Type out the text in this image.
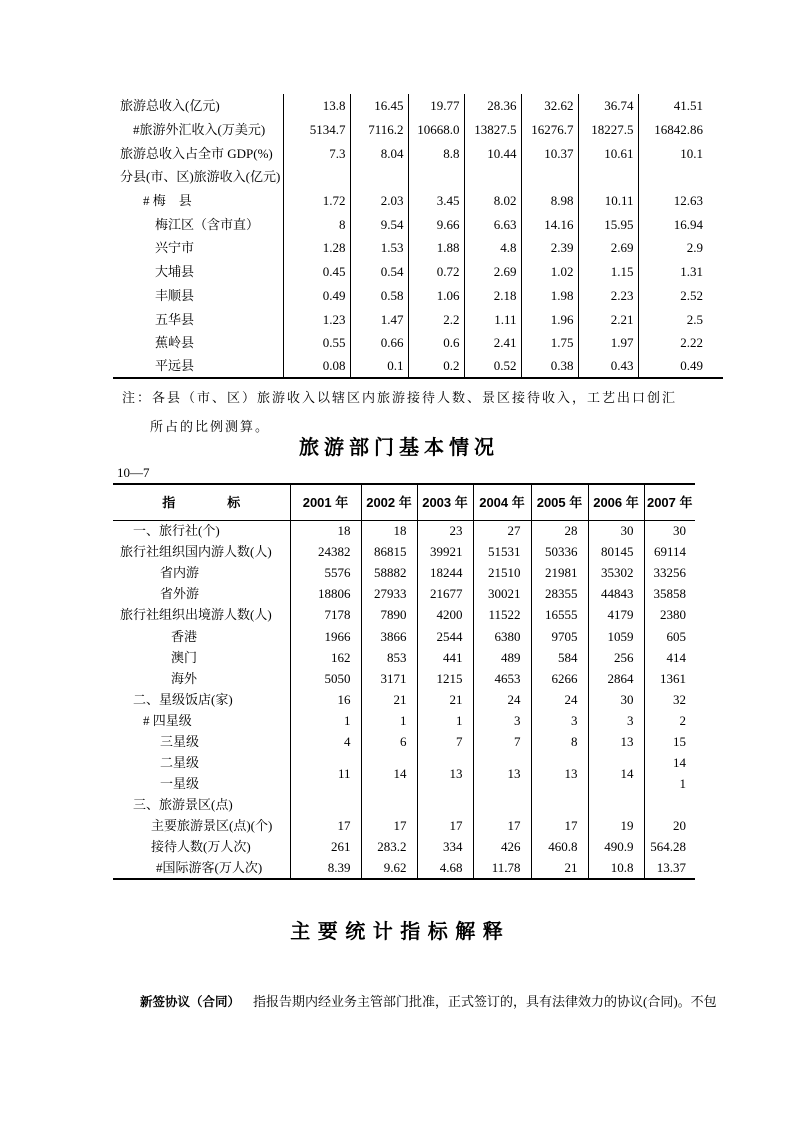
旅游总收入(亿元)	13.8	16.45	19.77	28.36	32.62	36.74	41.51
#旅游外汇收入(万美元)	5134.7	7116.2	10668.0	13827.5	16276.7	18227.5	16842.86
旅游总收入占全市 GDP(%)	7.3	8.04	8.8	10.44	10.37	10.61	10.1
分县(市、区)旅游收入(亿元)							
# 梅　县	1.72	2.03	3.45	8.02	8.98	10.11	12.63
梅江区（含市直）	8	9.54	9.66	6.63	14.16	15.95	16.94
兴宁市	1.28	1.53	1.88	4.8	2.39	2.69	2.9
大埔县	0.45	0.54	0.72	2.69	1.02	1.15	1.31
丰顺县	0.49	0.58	1.06	2.18	1.98	2.23	2.52
五华县	1.23	1.47	2.2	1.11	1.96	2.21	2.5
蕉岭县	0.55	0.66	0.6	2.41	1.75	1.97	2.22
平远县	0.08	0.1	0.2	0.52	0.38	0.43	0.49
注：各县（市、区）旅游收入以辖区内旅游接待人数、景区接待收入，工艺出口创汇
所占的比例测算。
旅游部门基本情况
10—7
指　　　　标	2001 年	2002 年	2003 年	2004 年	2005 年	2006 年	2007 年
一、旅行社(个)	18	18	23	27	28	30	30
旅行社组织国内游人数(人)	24382	86815	39921	51531	50336	80145	69114
省内游	5576	58882	18244	21510	21981	35302	33256
省外游	18806	27933	21677	30021	28355	44843	35858
旅行社组织出境游人数(人)	7178	7890	4200	11522	16555	4179	2380
香港	1966	3866	2544	6380	9705	1059	605
澳门	162	853	441	489	584	256	414
海外	5050	3171	1215	4653	6266	2864	1361
二、星级饭店(家)	16	21	21	24	24	30	32
# 四星级	1	1	1	3	3	3	2
三星级	4	6	7	7	8	13	15
二星级	11	14	13	13	13	14	14
一星级							1
三、旅游景区(点)							
主要旅游景区(点)(个)	17	17	17	17	17	19	20
接待人数(万人次)	261	283.2	334	426	460.8	490.9	564.28
#国际游客(万人次)	8.39	9.62	4.68	11.78	21	10.8	13.37
主要统计指标解释
新签协议（合同） 指报告期内经业务主管部门批准，正式签订的，具有法律效力的协议(合同)。不包
